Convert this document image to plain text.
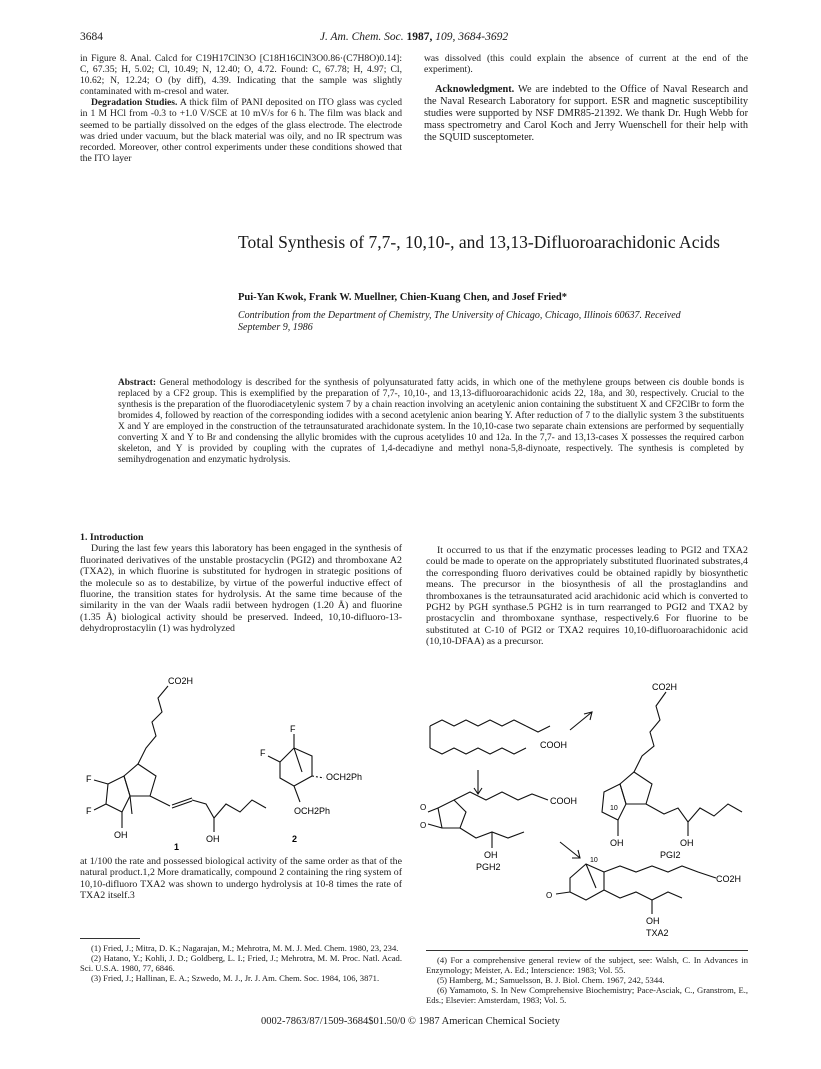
3684	J. Am. Chem. Soc. 1987, 109, 3684-3692

in Figure 8. Anal. Calcd for C19H17ClN3O [C18H16ClN3O0.86·(C7H8O)0.14]: C, 67.35; H, 5.02; Cl, 10.49; N, 12.40; O, 4.72. Found: C, 67.78; H, 4.97; Cl, 10.62; N, 12.24; O (by diff), 4.39. Indicating that the sample was slightly contaminated with m-cresol and water.

Degradation Studies. A thick film of PANI deposited on ITO glass was cycled in 1 M HCl from -0.3 to +1.0 V/SCE at 10 mV/s for 6 h. The film was black and seemed to be partially dissolved on the edges of the glass electrode. The electrode was dried under vacuum, but the black material was oily, and no IR spectrum was recorded. Moreover, other control experiments under these conditions showed that the ITO layer

was dissolved (this could explain the absence of current at the end of the experiment).

Acknowledgment. We are indebted to the Office of Naval Research and the Naval Research Laboratory for support. ESR and magnetic susceptibility studies were supported by NSF DMR85-21392. We thank Dr. Hugh Webb for mass spectrometry and Carol Koch and Jerry Wuenschell for their help with the SQUID susceptometer.

Total Synthesis of 7,7-, 10,10-, and 13,13-Difluoroarachidonic Acids
Pui-Yan Kwok, Frank W. Muellner, Chien-Kuang Chen, and Josef Fried*
Contribution from the Department of Chemistry, The University of Chicago, Chicago, Illinois 60637. Received September 9, 1986
Abstract: General methodology is described for the synthesis of polyunsaturated fatty acids, in which one of the methylene groups between cis double bonds is replaced by a CF2 group. This is exemplified by the preparation of 7,7-, 10,10-, and 13,13-difluoroarachidonic acids 22, 18a, and 30, respectively. Crucial to the synthesis is the preparation of the fluorodiacetylenic system 7 by a chain reaction involving an acetylenic anion containing the substituent X and CF2ClBr to form the bromides 4, followed by reaction of the corresponding iodides with a second acetylenic anion bearing Y. After reduction of 7 to the diallylic system 3 the substituents X and Y are employed in the construction of the tetraunsaturated arachidonate system. In the 10,10-case two separate chain extensions are performed by sequentially converting X and Y to Br and condensing the allylic bromides with the cuprous acetylides 10 and 12a. In the 7,7- and 13,13-cases X possesses the required carbon skeleton, and Y is provided by coupling with the cuprates of 1,4-decadiyne and methyl nona-5,8-diynoate, respectively. The synthesis is completed by semihydrogenation and enzymatic hydrolysis.

1. Introduction

During the last few years this laboratory has been engaged in the synthesis of fluorinated derivatives of the unstable prostacyclin (PGI2) and thromboxane A2 (TXA2), in which fluorine is substituted for hydrogen in strategic positions of the molecule so as to destabilize, by virtue of the powerful inductive effect of fluorine, the transition states for hydrolysis. At the same time because of the similarity in the van der Waals radii between hydrogen (1.20 Å) and fluorine (1.35 Å) biological activity should be preserved. Indeed, 10,10-difluoro-13-dehydroprostacylin (1) was hydrolyzed

It occurred to us that if the enzymatic processes leading to PGI2 and TXA2 could be made to operate on the appropriately substituted fluorinated substrates,4 the corresponding fluoro derivatives could be obtained rapidly by biosynthetic means. The precursor in the biosynthesis of all the prostaglandins and thromboxanes is the tetraunsaturated acid arachidonic acid which is converted to PGH2 by PGH synthase.5 PGH2 is in turn rearranged to PGI2 and TXA2 by prostacyclin and thromboxane synthase, respectively.6 For fluorine to be substituted at C-10 of PGI2 or TXA2 requires 10,10-difluoroarachidonic acid (10,10-DFAA) as a precursor.

CO2H
F
F
OH	OH
F
F
OCH2Ph
OCH2Ph
1
2
CO2H
COOH
COOH
O
O
OH
PGH2
10
OH	OH
PGI2
10
CO2H
O
OH
TXA2

at 1/100 the rate and possessed biological activity of the same order as that of the natural product.1,2 More dramatically, compound 2 containing the ring system of 10,10-difluoro TXA2 was shown to undergo hydrolysis at 10-8 times the rate of TXA2 itself.3

(1) Fried, J.; Mitra, D. K.; Nagarajan, M.; Mehrotra, M. M. J. Med. Chem. 1980, 23, 234.

(2) Hatano, Y.; Kohli, J. D.; Goldberg, L. I.; Fried, J.; Mehrotra, M. M. Proc. Natl. Acad. Sci. U.S.A. 1980, 77, 6846.

(3) Fried, J.; Hallinan, E. A.; Szwedo, M. J., Jr. J. Am. Chem. Soc. 1984, 106, 3871.

(4) For a comprehensive general review of the subject, see: Walsh, C. In Advances in Enzymology; Meister, A. Ed.; Interscience: 1983; Vol. 55.

(5) Hamberg, M.; Samuelsson, B. J. Biol. Chem. 1967, 242, 5344.

(6) Yamamoto, S. In New Comprehensive Biochemistry; Pace-Asciak, C., Granstrom, E., Eds.; Elsevier: Amsterdam, 1983; Vol. 5.

0002-7863/87/1509-3684$01.50/0 © 1987 American Chemical Society
